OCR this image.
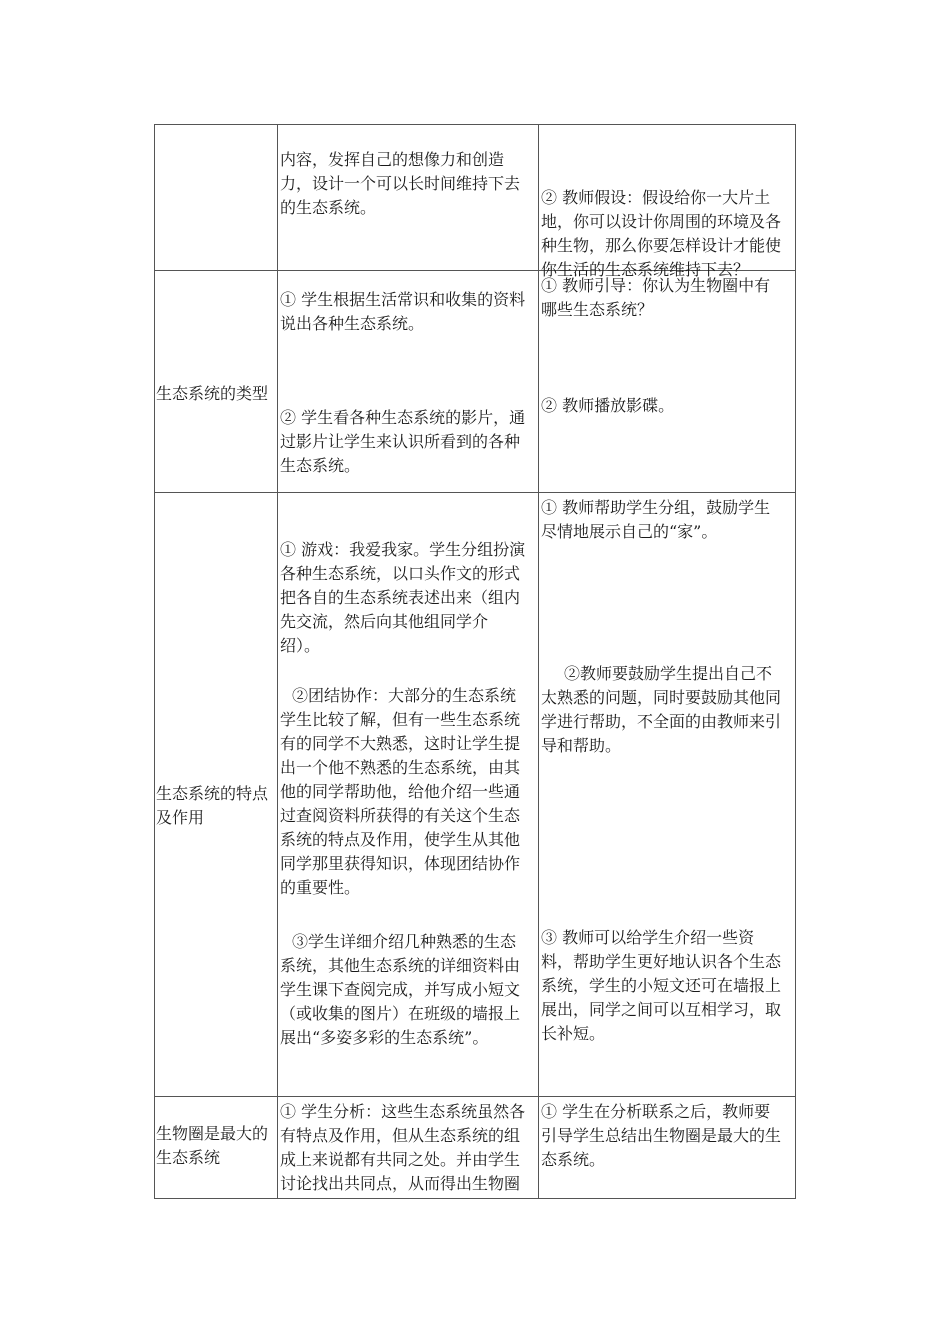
内容，发挥自己的想像力和创造
力，设计一个可以长时间维持下去
的生态系统。
② 教师假设：假设给你一大片土
地，你可以设计你周围的环境及各
种生物，那么你要怎样设计才能使
你生活的生态系统维持下去？
生态系统的类型
① 学生根据生活常识和收集的资料
说出各种生态系统。
② 学生看各种生态系统的影片，通
过影片让学生来认识所看到的各种
生态系统。
① 教师引导：你认为生物圈中有
哪些生态系统？
② 教师播放影碟。
生态系统的特点
及作用
① 游戏：我爱我家。学生分组扮演
各种生态系统，以口头作文的形式
把各自的生态系统表述出来（组内
先交流，然后向其他组同学介
绍）。
②团结协作：大部分的生态系统
学生比较了解，但有一些生态系统
有的同学不大熟悉，这时让学生提
出一个他不熟悉的生态系统，由其
他的同学帮助他，给他介绍一些通
过查阅资料所获得的有关这个生态
系统的特点及作用，使学生从其他
同学那里获得知识，体现团结协作
的重要性。
③学生详细介绍几种熟悉的生态
系统，其他生态系统的详细资料由
学生课下查阅完成，并写成小短文
（或收集的图片）在班级的墙报上
展出“多姿多彩的生态系统”。
① 教师帮助学生分组，鼓励学生
尽情地展示自己的“家”。
②教师要鼓励学生提出自己不
太熟悉的问题，同时要鼓励其他同
学进行帮助，不全面的由教师来引
导和帮助。
③ 教师可以给学生介绍一些资
料，帮助学生更好地认识各个生态
系统，学生的小短文还可在墙报上
展出，同学之间可以互相学习，取
长补短。
生物圈是最大的
生态系统
① 学生分析：这些生态系统虽然各
有特点及作用，但从生态系统的组
成上来说都有共同之处。并由学生
讨论找出共同点，从而得出生物圈
① 学生在分析联系之后，教师要
引导学生总结出生物圈是最大的生
态系统。
